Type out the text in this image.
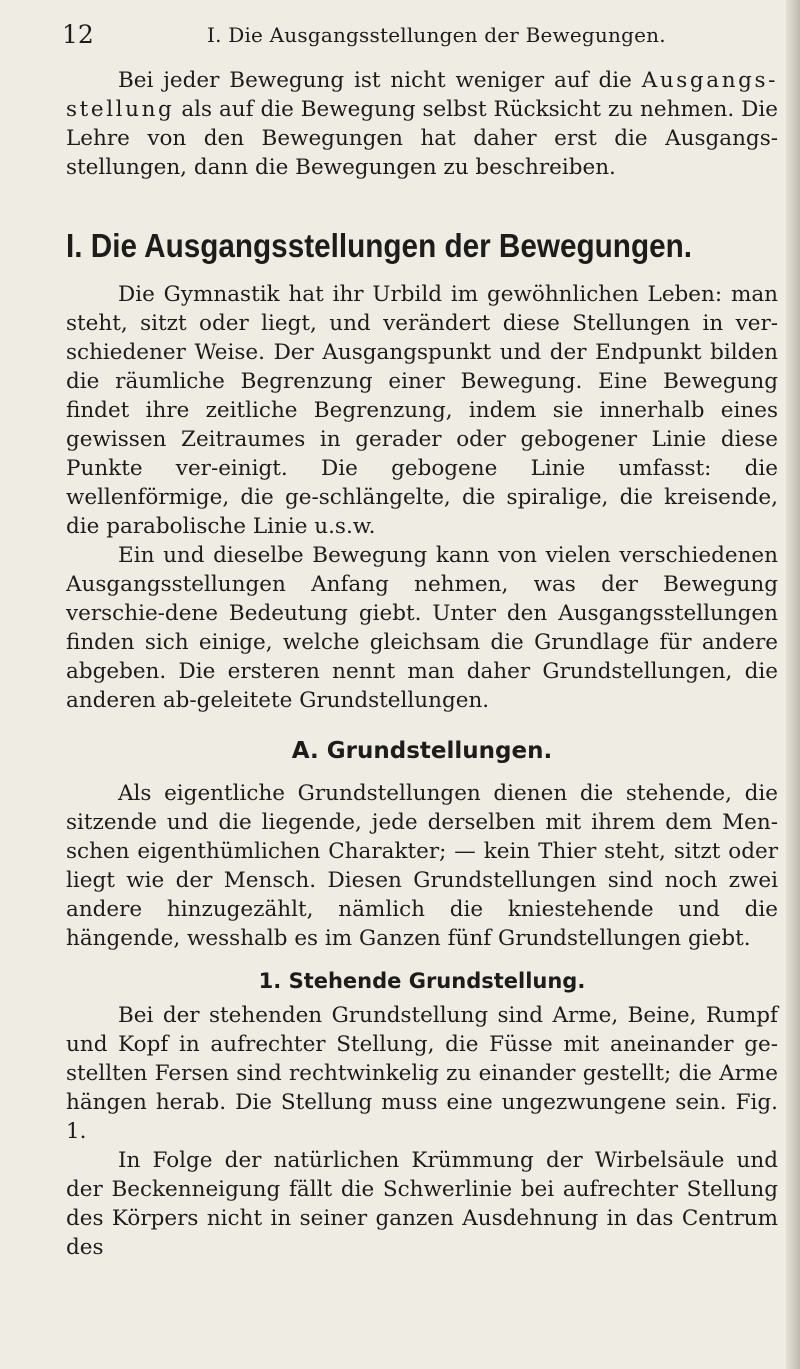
12	I. Die Ausgangsstellungen der Bewegungen.

Bei jeder Bewegung ist nicht weniger auf die Ausgangs-stellung als auf die Bewegung selbst Rücksicht zu nehmen. Die Lehre von den Bewegungen hat daher erst die Ausgangs-stellungen, dann die Bewegungen zu beschreiben.

I. Die Ausgangsstellungen der Bewegungen.

Die Gymnastik hat ihr Urbild im gewöhnlichen Leben: man steht, sitzt oder liegt, und verändert diese Stellungen in ver-schiedener Weise. Der Ausgangspunkt und der Endpunkt bilden die räumliche Begrenzung einer Bewegung. Eine Bewegung findet ihre zeitliche Begrenzung, indem sie innerhalb eines gewissen Zeitraumes in gerader oder gebogener Linie diese Punkte ver-einigt. Die gebogene Linie umfasst: die wellenförmige, die ge-schlängelte, die spiralige, die kreisende, die parabolische Linie u.s.w.

Ein und dieselbe Bewegung kann von vielen verschiedenen Ausgangsstellungen Anfang nehmen, was der Bewegung verschie-dene Bedeutung giebt. Unter den Ausgangsstellungen finden sich einige, welche gleichsam die Grundlage für andere abgeben. Die ersteren nennt man daher Grundstellungen, die anderen ab-geleitete Grundstellungen.

A. Grundstellungen.

Als eigentliche Grundstellungen dienen die stehende, die sitzende und die liegende, jede derselben mit ihrem dem Men-schen eigenthümlichen Charakter; — kein Thier steht, sitzt oder liegt wie der Mensch. Diesen Grundstellungen sind noch zwei andere hinzugezählt, nämlich die kniestehende und die hängende, wesshalb es im Ganzen fünf Grundstellungen giebt.

1. Stehende Grundstellung.

Bei der stehenden Grundstellung sind Arme, Beine, Rumpf und Kopf in aufrechter Stellung, die Füsse mit aneinander ge-stellten Fersen sind rechtwinkelig zu einander gestellt; die Arme hängen herab. Die Stellung muss eine ungezwungene sein. Fig. 1.

In Folge der natürlichen Krümmung der Wirbelsäule und der Beckenneigung fällt die Schwerlinie bei aufrechter Stellung des Körpers nicht in seiner ganzen Ausdehnung in das Centrum des
